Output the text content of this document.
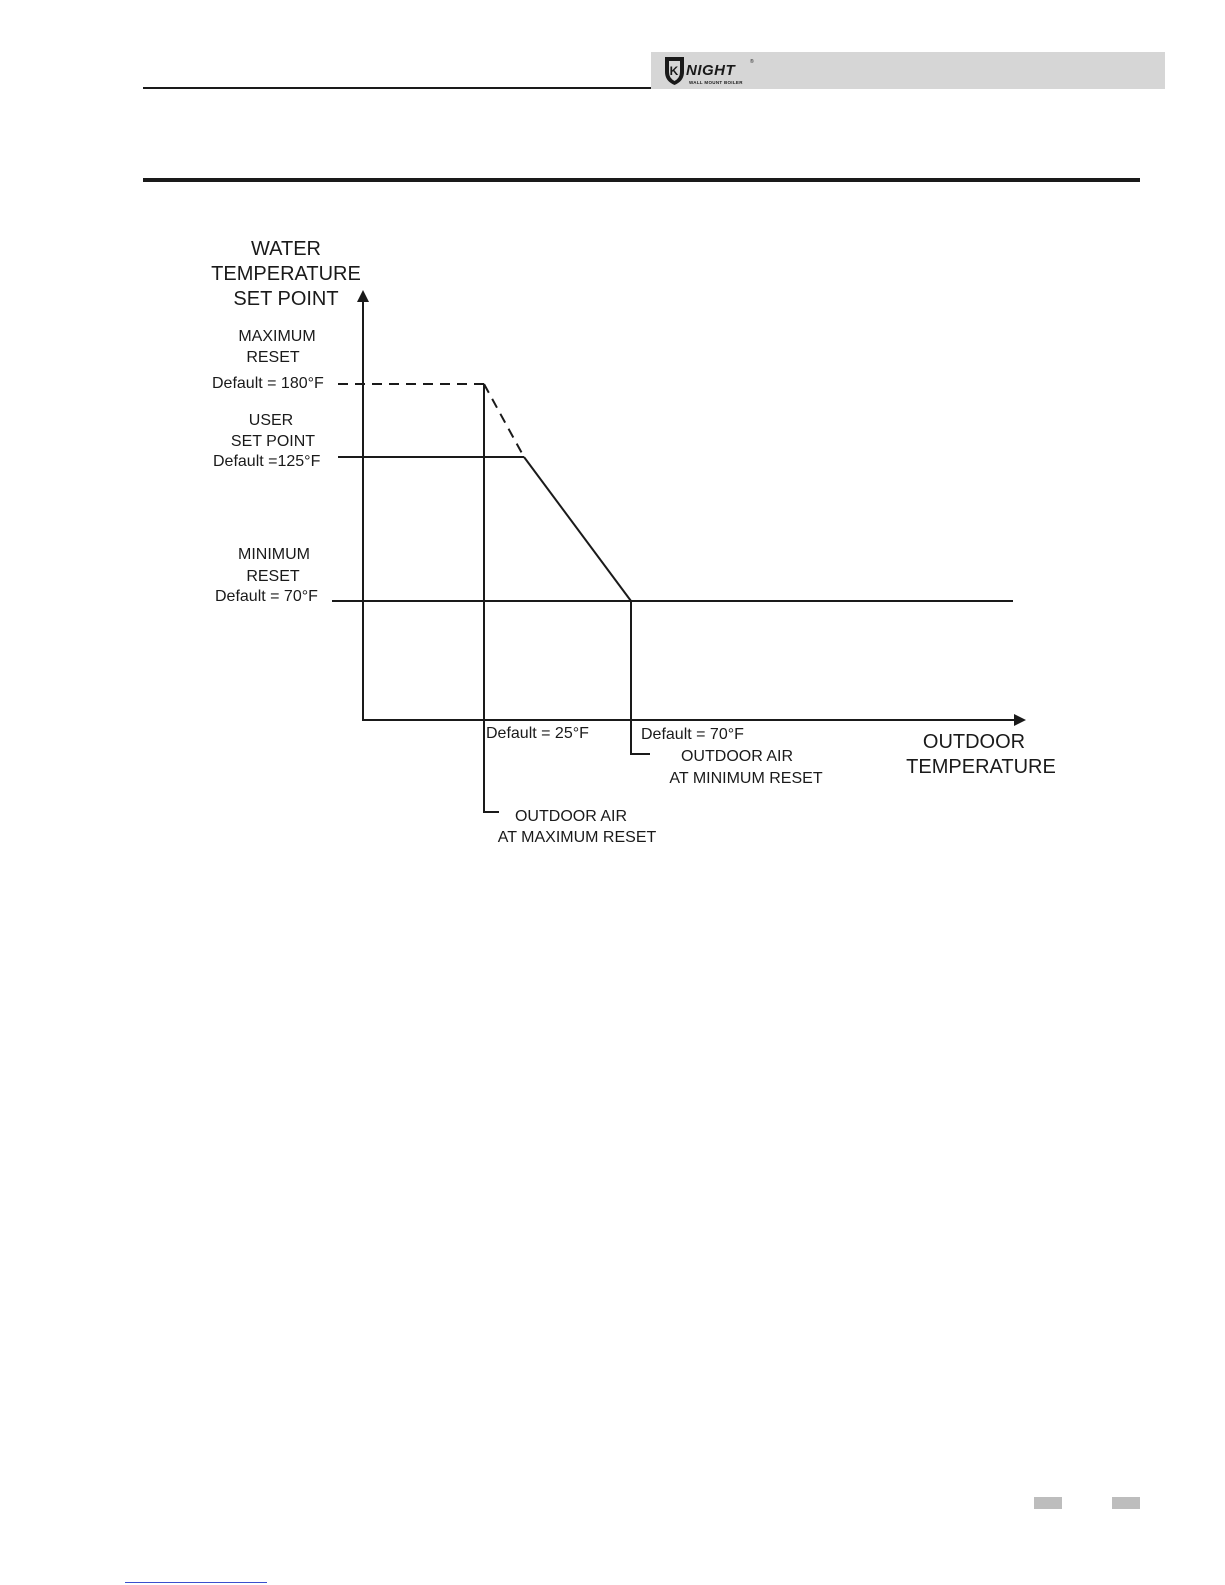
K NIGHT
WALL MOUNT BOILER
®
WATER
TEMPERATURE
SET POINT
MAXIMUM
RESET
Default = 180°F
USER
SET POINT
Default =125°F
MINIMUM
RESET
Default = 70°F
Default = 25°F	Default = 70°F
OUTDOOR AIR
AT MINIMUM RESET
OUTDOOR AIR
AT MAXIMUM RESET
OUTDOOR
TEMPERATURE
